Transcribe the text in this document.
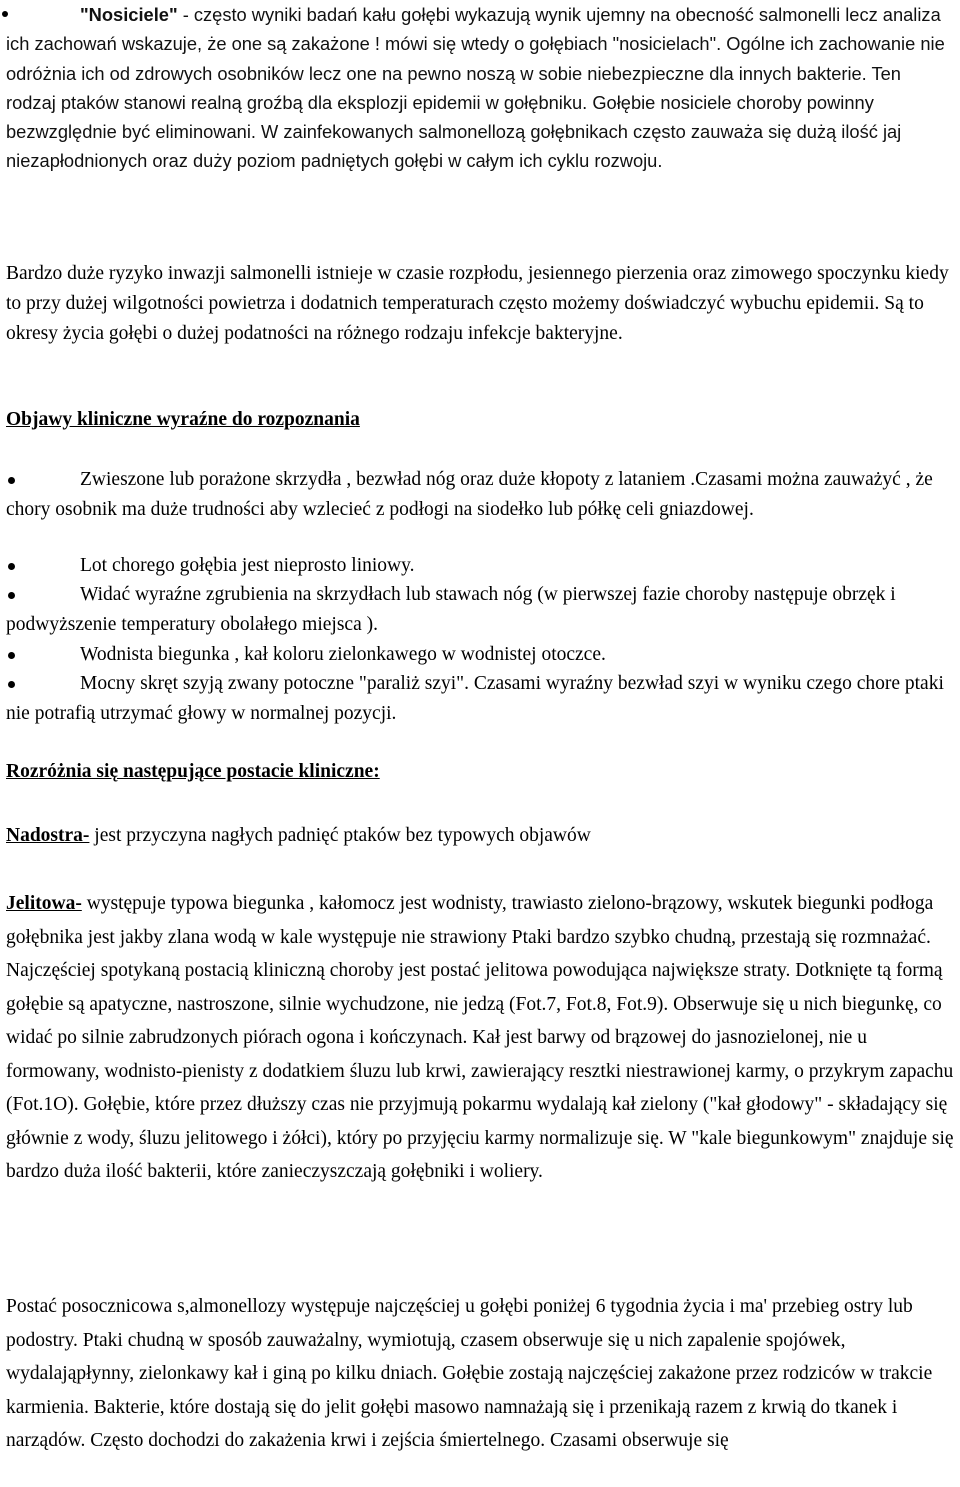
"Nosiciele" - często wyniki badań kału gołębi wykazują wynik ujemny na obecność salmonelli lecz analiza ich zachowań wskazuje, że one są zakażone ! mówi się wtedy o gołębiach "nosicielach". Ogólne ich zachowanie nie odróżnia ich od zdrowych osobników lecz one na pewno noszą w sobie niebezpieczne dla innych bakterie. Ten rodzaj ptaków stanowi realną groźbą dla eksplozji epidemii w gołębniku. Gołębie nosiciele choroby powinny bezwzględnie być eliminowani. W zainfekowanych salmonellozą gołębnikach często zauważa się dużą ilość jaj niezapłodnionych oraz duży poziom padniętych gołębi w całym ich cyklu rozwoju.
Bardzo duże ryzyko inwazji salmonelli istnieje w czasie rozpłodu, jesiennego pierzenia oraz zimowego spoczynku kiedy to przy dużej wilgotności powietrza i dodatnich temperaturach często możemy doświadczyć wybuchu epidemii. Są to okresy życia gołębi o dużej podatności na różnego rodzaju infekcje bakteryjne.
Objawy kliniczne wyraźne do rozpoznania
Zwieszone lub porażone skrzydła , bezwład nóg oraz duże kłopoty z lataniem .Czasami można zauważyć , że chory osobnik ma duże trudności aby wzlecieć z podłogi na siodełko lub półkę celi gniazdowej.
Lot chorego gołębia jest nieprosto liniowy.
Widać wyraźne zgrubienia na skrzydłach lub stawach nóg (w pierwszej fazie choroby następuje obrzęk i podwyższenie temperatury obolałego miejsca ).
Wodnista biegunka , kał koloru zielonkawego w wodnistej otoczce.
Mocny skręt szyją zwany potoczne "paraliż szyi". Czasami wyraźny bezwład szyi w wyniku czego chore ptaki nie potrafią utrzymać głowy w normalnej pozycji.
Rozróżnia się następujące postacie kliniczne:
Nadostra- jest przyczyna nagłych padnięć ptaków bez typowych objawów
Jelitowa- występuje typowa biegunka , kałomocz jest wodnisty, trawiasto zielono-brązowy, wskutek biegunki podłoga gołębnika jest jakby zlana wodą w kale występuje nie strawiony Ptaki bardzo szybko chudną, przestają się rozmnażać. Najczęściej spotykaną postacią kliniczną choroby jest postać jelitowa powodująca największe straty. Dotknięte tą formą gołębie są apatyczne, nastroszone, silnie wychudzone, nie jedzą (Fot.7, Fot.8, Fot.9). Obserwuje się u nich biegunkę, co widać po silnie zabrudzonych piórach ogona i kończynach. Kał jest barwy od brązowej do jasnozielonej, nie u formowany, wodnisto-pienisty z dodatkiem śluzu lub krwi, zawierający resztki niestrawionej karmy, o przykrym zapachu (Fot.1O). Gołębie, które przez dłuższy czas nie przyjmują pokarmu wydalają kał zielony ("kał głodowy" - składający się głównie z wody, śluzu jelitowego i żółci), który po przyjęciu karmy normalizuje się. W "kale biegunkowym" znajduje się bardzo duża ilość bakterii, które zanieczyszczają gołębniki i woliery.
Postać posocznicowa s,almonellozy występuje najczęściej u gołębi poniżej 6 tygodnia życia i ma' przebieg ostry lub podostry. Ptaki chudną w sposób zauważalny, wymiotują, czasem obserwuje się u nich zapalenie spojówek, wydalająpłynny, zielonkawy kał i giną po kilku dniach. Gołębie zostają najczęściej zakażone przez rodziców w trakcie karmienia. Bakterie, które dostają się do jelit gołębi masowo namnażają się i przenikają razem z krwią do tkanek i narządów. Często dochodzi do zakażenia krwi i zejścia śmiertelnego. Czasami obserwuje się
